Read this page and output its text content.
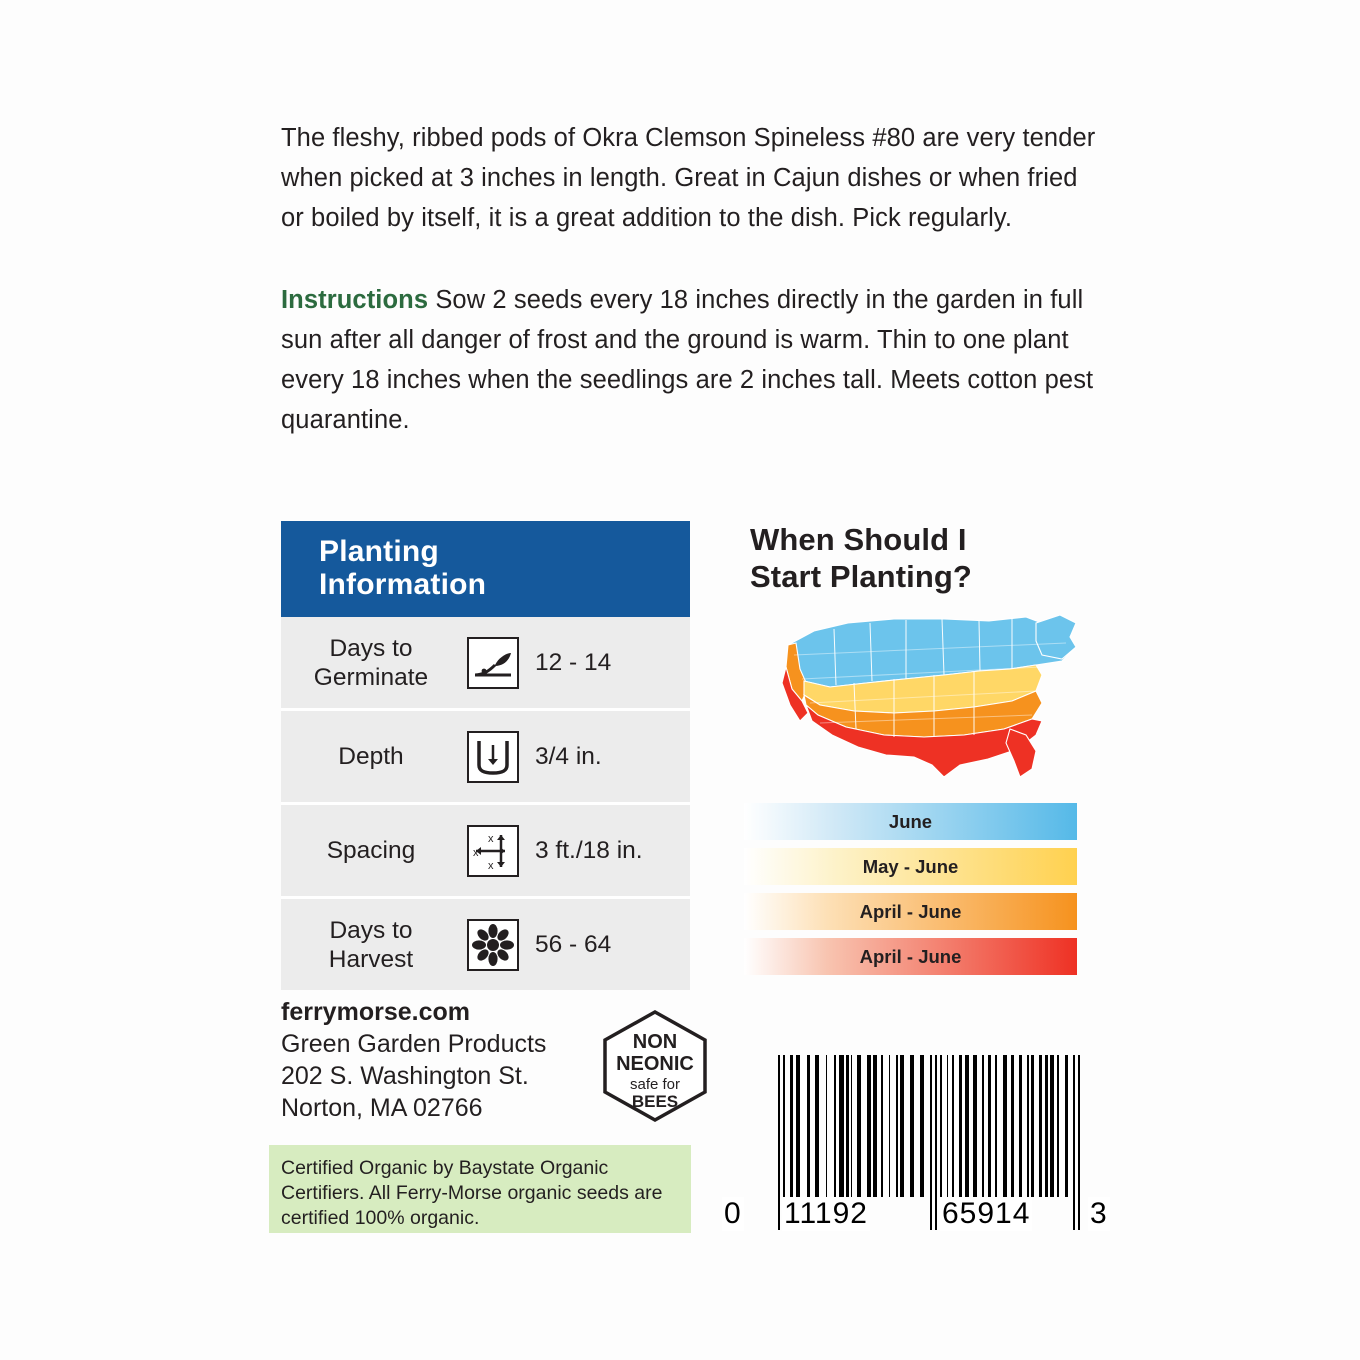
The fleshy, ribbed pods of Okra Clemson Spineless #80 are very tender when picked at 3 inches in length. Great in Cajun dishes or when fried or boiled by itself, it is a great addition to the dish. Pick regularly.

Instructions Sow 2 seeds every 18 inches directly in the garden in full sun after all danger of frost and the ground is warm. Thin to one plant every 18 inches when the seedlings are 2 inches tall. Meets cotton pest quarantine.

Planting
Information
Days to
Germinate
12 - 14
Depth	3/4 in.
Spacing	x
x
x 3 ft./18 in.
Days to
Harvest
56 - 64
ferrymorse.com
Green Garden Products
202 S. Washington St.
Norton, MA 02766
NON
NEONIC
safe for
BEES

Certified Organic by Baystate Organic Certifiers. All Ferry-Morse organic seeds are certified 100% organic.

When Should I
Start Planting?
June
May - June
April - June
April - June
0 11192 65914 3
